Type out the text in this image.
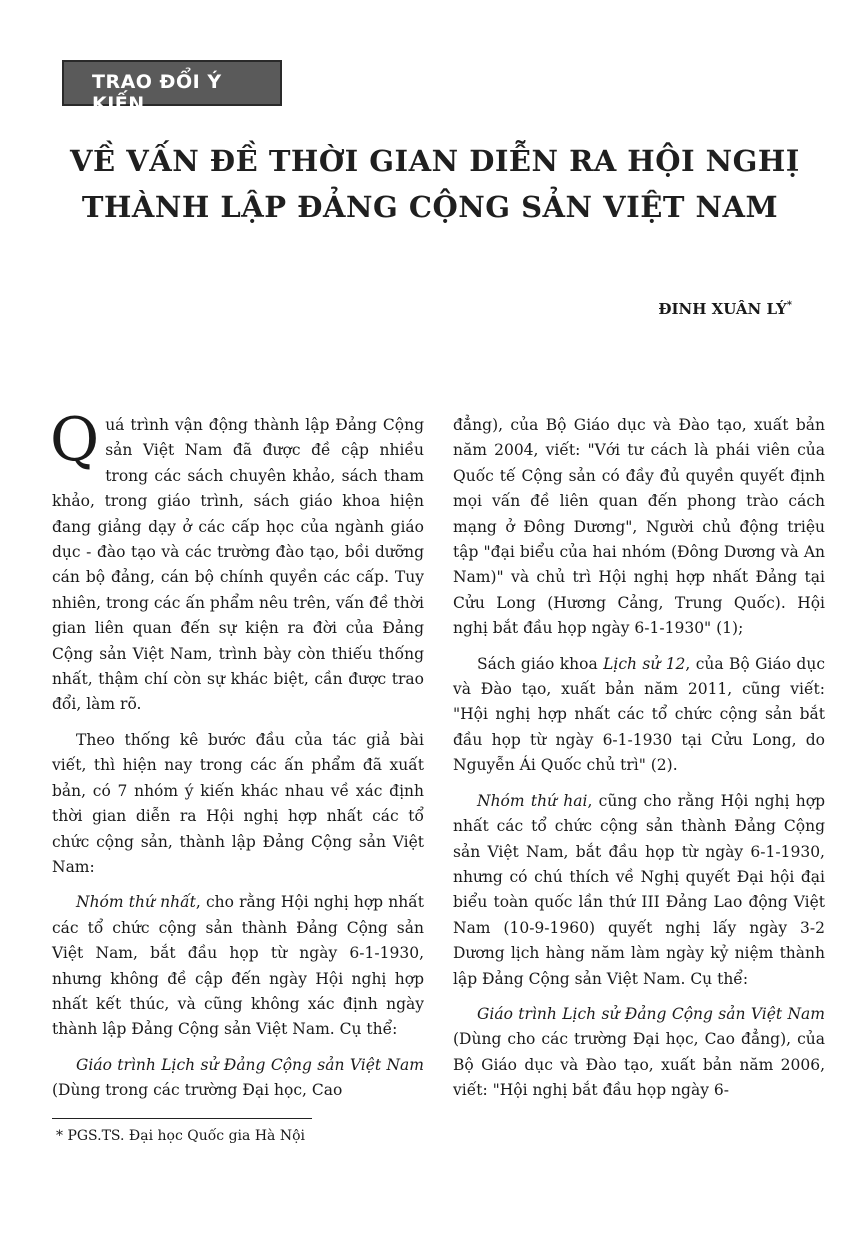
TRAO ĐỔI Ý KIẾN
VỀ VẤN ĐỀ THỜI GIAN DIỄN RA HỘI NGHỊ
THÀNH LẬP ĐẢNG CỘNG SẢN VIỆT NAM
ĐINH XUÂN LÝ*

Quá trình vận động thành lập Đảng Cộng sản Việt Nam đã được đề cập nhiều trong các sách chuyên khảo, sách tham khảo, trong giáo trình, sách giáo khoa hiện đang giảng dạy ở các cấp học của ngành giáo dục - đào tạo và các trường đào tạo, bồi dưỡng cán bộ đảng, cán bộ chính quyền các cấp. Tuy nhiên, trong các ấn phẩm nêu trên, vấn đề thời gian liên quan đến sự kiện ra đời của Đảng Cộng sản Việt Nam, trình bày còn thiếu thống nhất, thậm chí còn sự khác biệt, cần được trao đổi, làm rõ.

Theo thống kê bước đầu của tác giả bài viết, thì hiện nay trong các ấn phẩm đã xuất bản, có 7 nhóm ý kiến khác nhau về xác định thời gian diễn ra Hội nghị hợp nhất các tổ chức cộng sản, thành lập Đảng Cộng sản Việt Nam:

Nhóm thứ nhất, cho rằng Hội nghị hợp nhất các tổ chức cộng sản thành Đảng Cộng sản Việt Nam, bắt đầu họp từ ngày 6-1-1930, nhưng không đề cập đến ngày Hội nghị hợp nhất kết thúc, và cũng không xác định ngày thành lập Đảng Cộng sản Việt Nam. Cụ thể:

Giáo trình Lịch sử Đảng Cộng sản Việt Nam (Dùng trong các trường Đại học, Cao

đẳng), của Bộ Giáo dục và Đào tạo, xuất bản năm 2004, viết: "Với tư cách là phái viên của Quốc tế Cộng sản có đầy đủ quyền quyết định mọi vấn đề liên quan đến phong trào cách mạng ở Đông Dương", Người chủ động triệu tập "đại biểu của hai nhóm (Đông Dương và An Nam)" và chủ trì Hội nghị hợp nhất Đảng tại Cửu Long (Hương Cảng, Trung Quốc). Hội nghị bắt đầu họp ngày 6-1-1930" (1);

Sách giáo khoa Lịch sử 12, của Bộ Giáo dục và Đào tạo, xuất bản năm 2011, cũng viết: "Hội nghị hợp nhất các tổ chức cộng sản bắt đầu họp từ ngày 6-1-1930 tại Cửu Long, do Nguyễn Ái Quốc chủ trì" (2).

Nhóm thứ hai, cũng cho rằng Hội nghị hợp nhất các tổ chức cộng sản thành Đảng Cộng sản Việt Nam, bắt đầu họp từ ngày 6-1-1930, nhưng có chú thích về Nghị quyết Đại hội đại biểu toàn quốc lần thứ III Đảng Lao động Việt Nam (10-9-1960) quyết nghị lấy ngày 3-2 Dương lịch hàng năm làm ngày kỷ niệm thành lập Đảng Cộng sản Việt Nam. Cụ thể:

Giáo trình Lịch sử Đảng Cộng sản Việt Nam (Dùng cho các trường Đại học, Cao đẳng), của Bộ Giáo dục và Đào tạo, xuất bản năm 2006, viết: "Hội nghị bắt đầu họp ngày 6-

* PGS.TS. Đại học Quốc gia Hà Nội
